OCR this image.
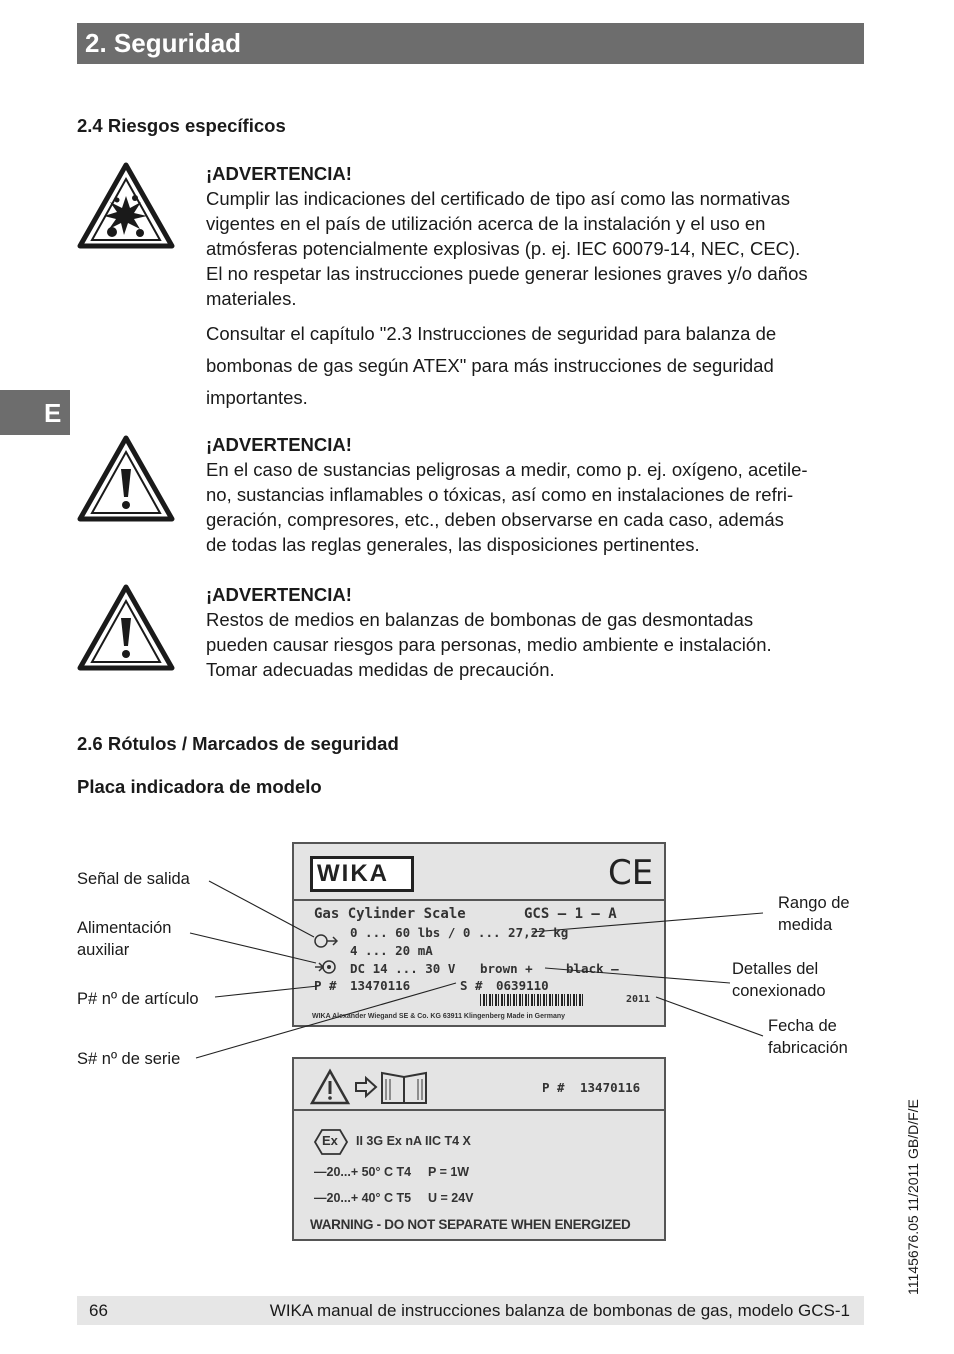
2. Seguridad
E
2.4 Riesgos específicos
¡ADVERTENCIA!

Cumplir las indicaciones del certificado de tipo así como las normativas

vigentes en el país de utilización acerca de la instalación y el uso en

atmósferas potencialmente explosivas (p. ej. IEC 60079-14, NEC, CEC).

El no respetar las instrucciones puede generar lesiones graves y/o daños

materiales.

Consultar el capítulo "2.3 Instrucciones de seguridad para balanza de

bombonas de gas según ATEX" para más instrucciones de seguridad

importantes.

¡ADVERTENCIA!

En el caso de sustancias peligrosas a medir, como p. ej. oxígeno, acetile-

no, sustancias inflamables o tóxicas, así como en instalaciones de refri-

geración, compresores, etc., deben observarse en cada caso, además

de todas las reglas generales, las disposiciones pertinentes.

¡ADVERTENCIA!

Restos de medios en balanzas de bombonas de gas desmontadas

pueden causar riesgos para personas, medio ambiente e instalación.

Tomar adecuadas medidas de precaución.

2.6 Rótulos / Marcados de seguridad
Placa indicadora de modelo
Señal de salida
Alimentación
auxiliar
P# nº de artículo
S# nº de serie
Rango de
medida
Detalles del
conexionado
Fecha de
fabricación
WIKA	CE
Gas Cylinder Scale	GCS — 1 — A
0 ... 60 lbs / 0 ... 27,22 kg
4 ... 20 mA
DC 14 ... 30 V brown +	black —
P # 13470116	S # 0639110
2011
WIKA Alexander Wiegand SE & Co. KG 63911 Klingenberg Made in Germany
P # 13470116
Ex II 3G Ex nA IIC T4 X
—20...+ 50° C T4 P = 1W
—20...+ 40° C T5 U = 24V
WARNING - DO NOT SEPARATE WHEN ENERGIZED
66	WIKA manual de instrucciones balanza de bombonas de gas, modelo GCS-1
11145676.05 11/2011 GB/D/F/E
